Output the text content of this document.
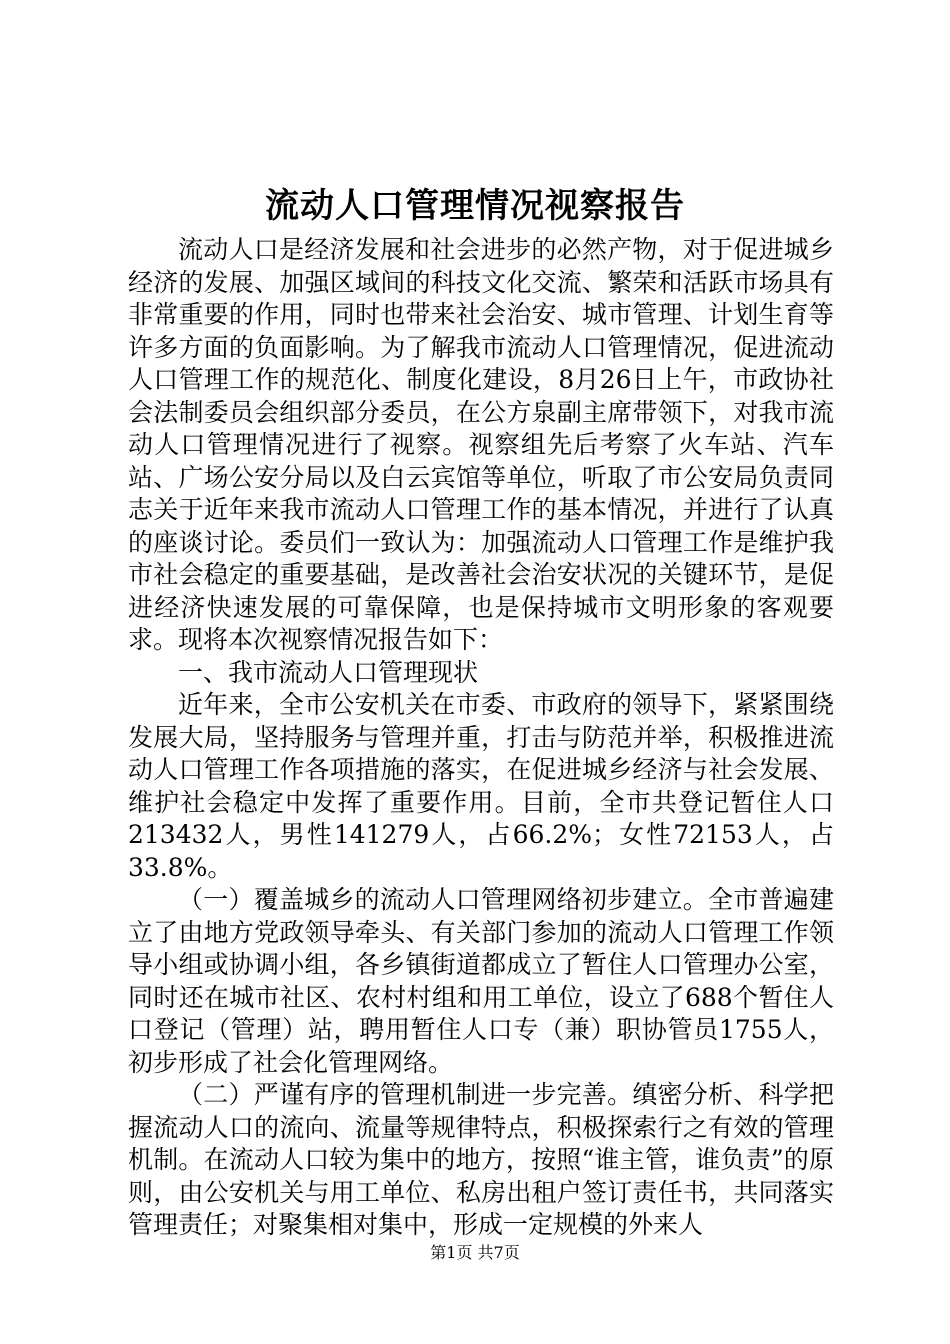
流动人口管理情况视察报告

流动人口是经济发展和社会进步的必然产物，对于促进城乡经济的发展、加强区域间的科技文化交流、繁荣和活跃市场具有非常重要的作用，同时也带来社会治安、城市管理、计划生育等许多方面的负面影响。为了解我市流动人口管理情况，促进流动人口管理工作的规范化、制度化建设，8月26日上午，市政协社会法制委员会组织部分委员，在公方泉副主席带领下，对我市流动人口管理情况进行了视察。视察组先后考察了火车站、汽车站、广场公安分局以及白云宾馆等单位，听取了市公安局负责同志关于近年来我市流动人口管理工作的基本情况，并进行了认真的座谈讨论。委员们一致认为：加强流动人口管理工作是维护我市社会稳定的重要基础，是改善社会治安状况的关键环节，是促进经济快速发展的可靠保障，也是保持城市文明形象的客观要求。现将本次视察情况报告如下：

一、我市流动人口管理现状

近年来，全市公安机关在市委、市政府的领导下，紧紧围绕发展大局，坚持服务与管理并重，打击与防范并举，积极推进流动人口管理工作各项措施的落实，在促进城乡经济与社会发展、维护社会稳定中发挥了重要作用。目前，全市共登记暂住人口213432人，男性141279人，占66.2%；女性72153人，占33.8%。

（一）覆盖城乡的流动人口管理网络初步建立。全市普遍建立了由地方党政领导牵头、有关部门参加的流动人口管理工作领导小组或协调小组，各乡镇街道都成立了暂住人口管理办公室，同时还在城市社区、农村村组和用工单位，设立了688个暂住人口登记（管理）站，聘用暂住人口专（兼）职协管员1755人，初步形成了社会化管理网络。

（二）严谨有序的管理机制进一步完善。缜密分析、科学把握流动人口的流向、流量等规律特点，积极探索行之有效的管理机制。在流动人口较为集中的地方，按照“谁主管，谁负责”的原则，由公安机关与用工单位、私房出租户签订责任书，共同落实管理责任；对聚集相对集中，形成一定规模的外来人

第1页 共7页
